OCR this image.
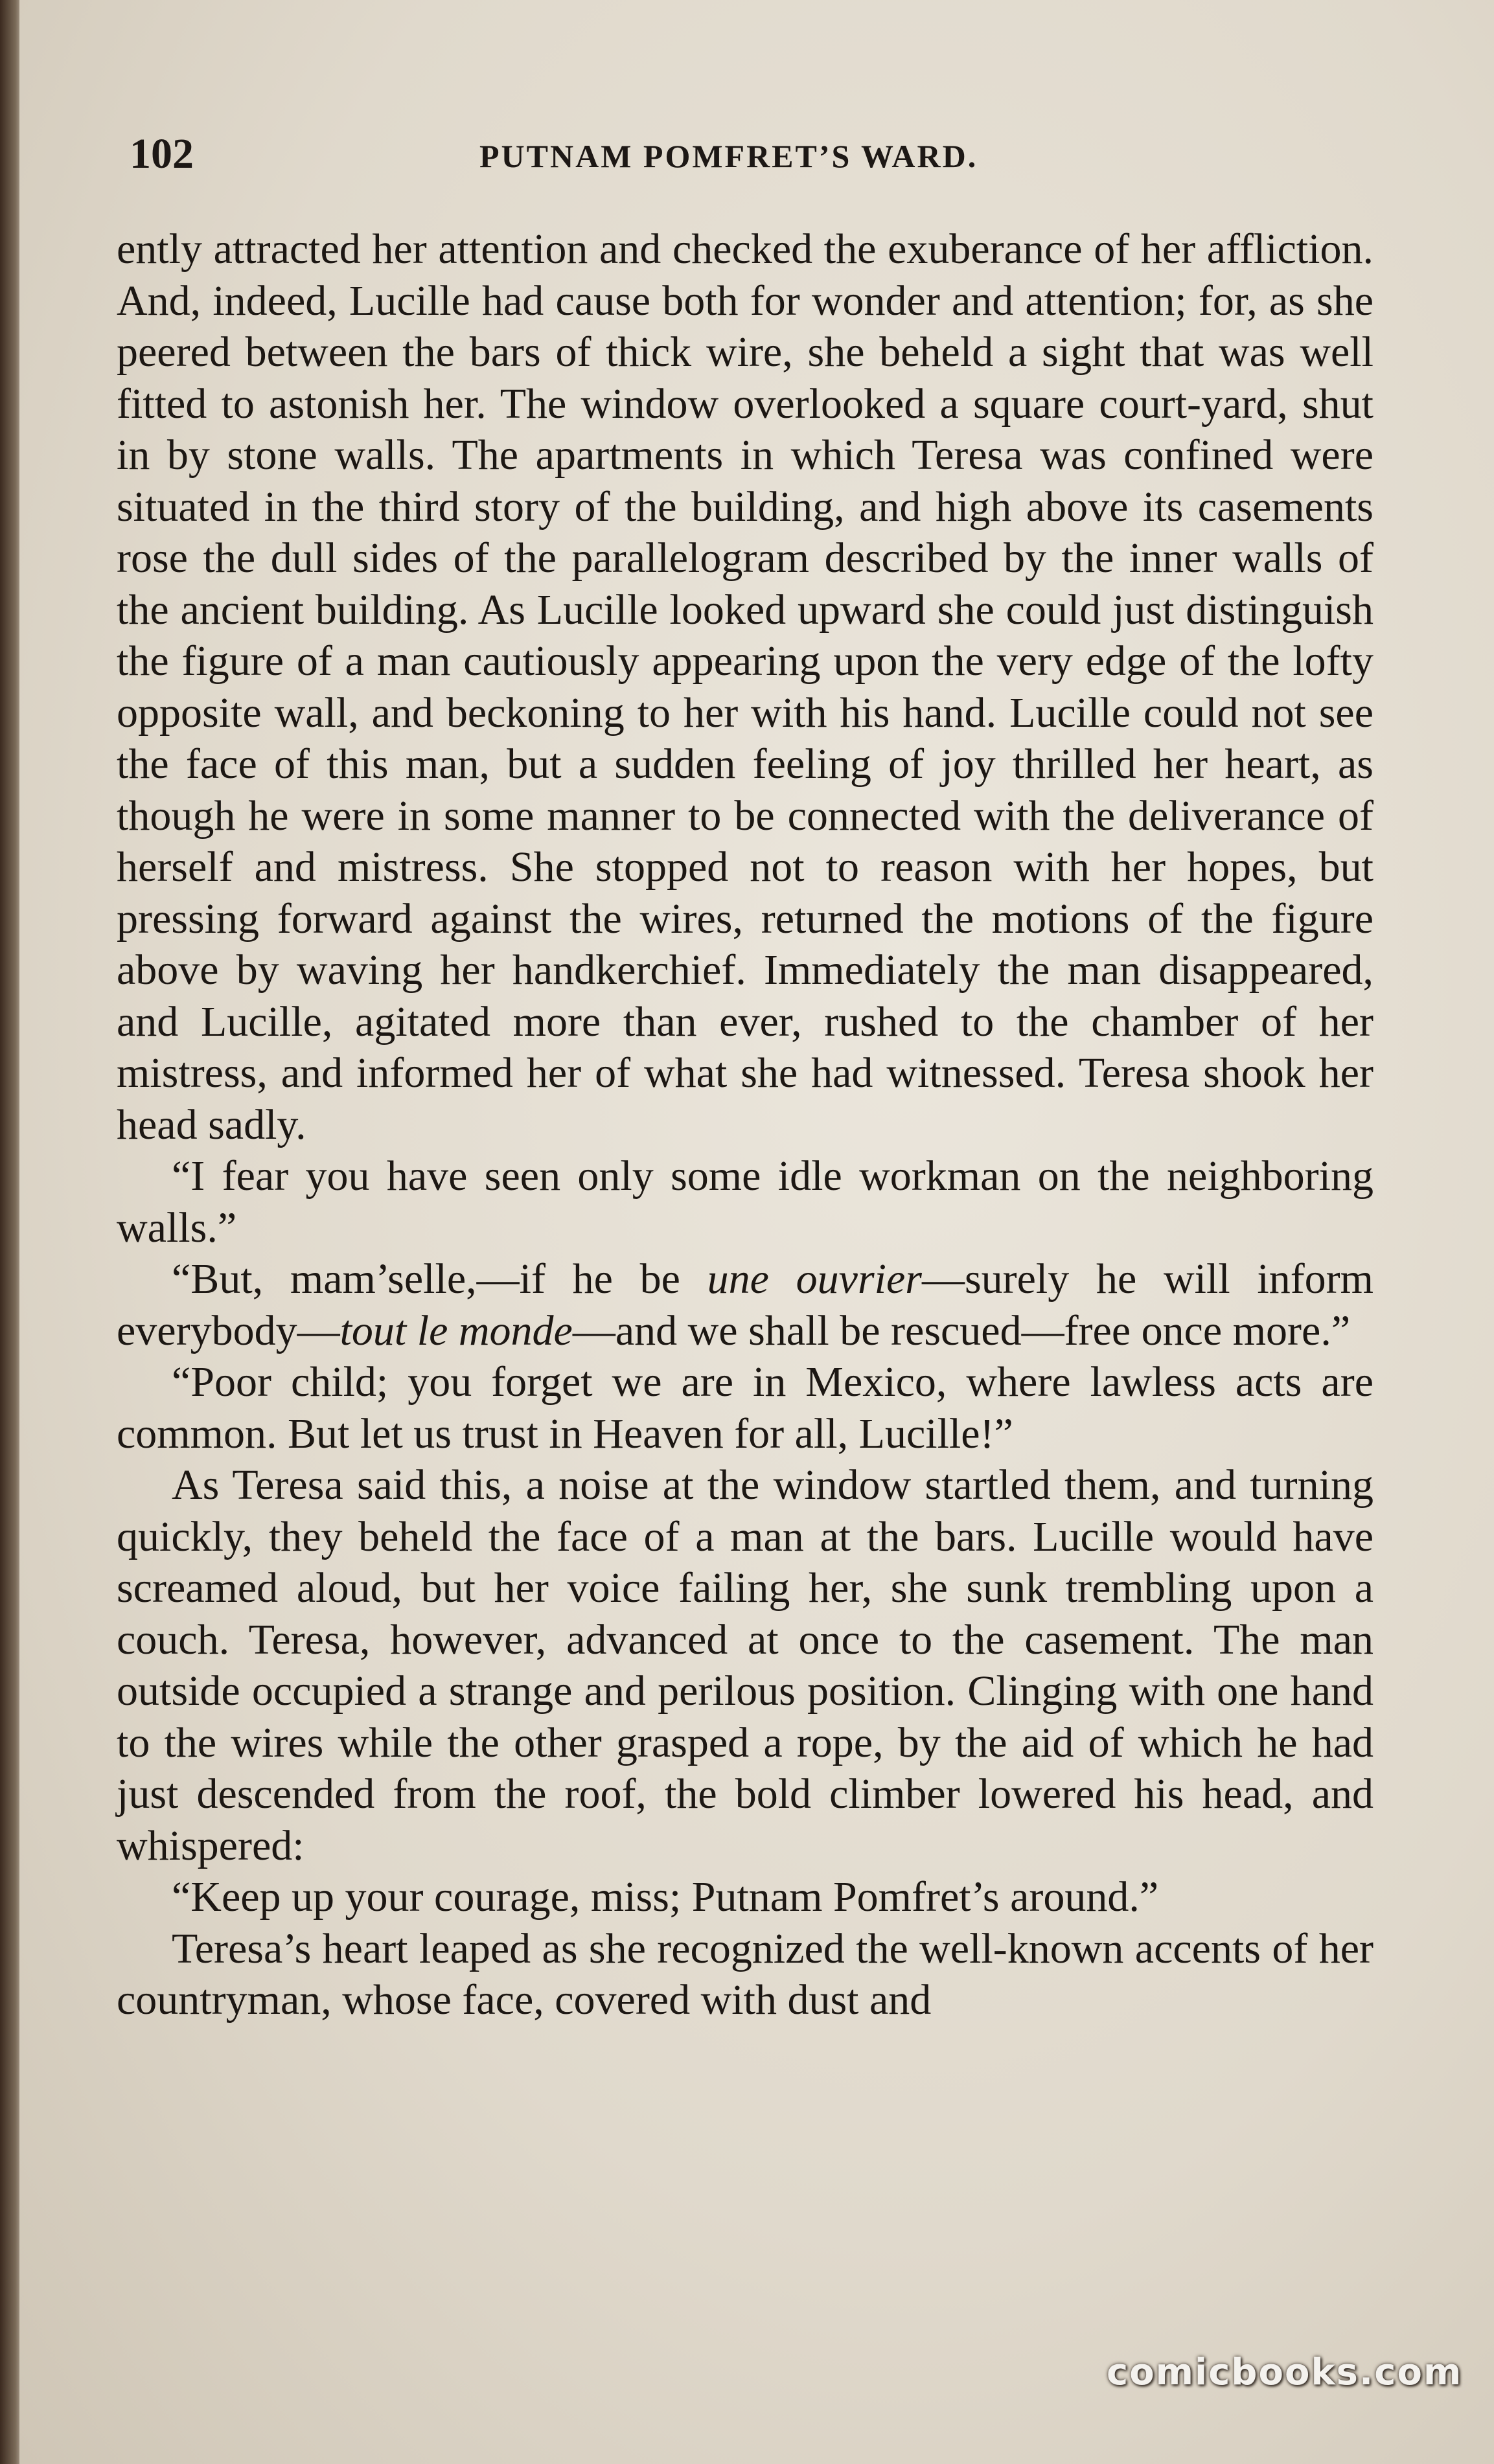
102	PUTNAM POMFRET’S WARD.

ently attracted her attention and checked the exuberance of her affliction. And, indeed, Lucille had cause both for wonder and attention; for, as she peered between the bars of thick wire, she beheld a sight that was well fitted to astonish her. The window overlooked a square court-yard, shut in by stone walls. The apartments in which Teresa was confined were situated in the third story of the building, and high above its casements rose the dull sides of the parallelogram described by the inner walls of the ancient building. As Lucille looked upward she could just distinguish the figure of a man cautiously appearing upon the very edge of the lofty opposite wall, and beckoning to her with his hand. Lucille could not see the face of this man, but a sudden feeling of joy thrilled her heart, as though he were in some manner to be connected with the deliverance of herself and mistress. She stopped not to reason with her hopes, but pressing forward against the wires, returned the motions of the figure above by waving her handkerchief. Immediately the man disappeared, and Lucille, agitated more than ever, rushed to the chamber of her mistress, and informed her of what she had witnessed. Teresa shook her head sadly.

“I fear you have seen only some idle workman on the neighboring walls.”

“But, mam’selle,—if he be une ouvrier—surely he will inform everybody—tout le monde—and we shall be rescued—free once more.”

“Poor child; you forget we are in Mexico, where lawless acts are common. But let us trust in Heaven for all, Lucille!”

As Teresa said this, a noise at the window startled them, and turning quickly, they beheld the face of a man at the bars. Lucille would have screamed aloud, but her voice failing her, she sunk trembling upon a couch. Teresa, however, advanced at once to the casement. The man outside occupied a strange and perilous position. Clinging with one hand to the wires while the other grasped a rope, by the aid of which he had just descended from the roof, the bold climber lowered his head, and whispered:

“Keep up your courage, miss; Putnam Pomfret’s around.”

Teresa’s heart leaped as she recognized the well-known accents of her countryman, whose face, covered with dust and

comicbooks.com
